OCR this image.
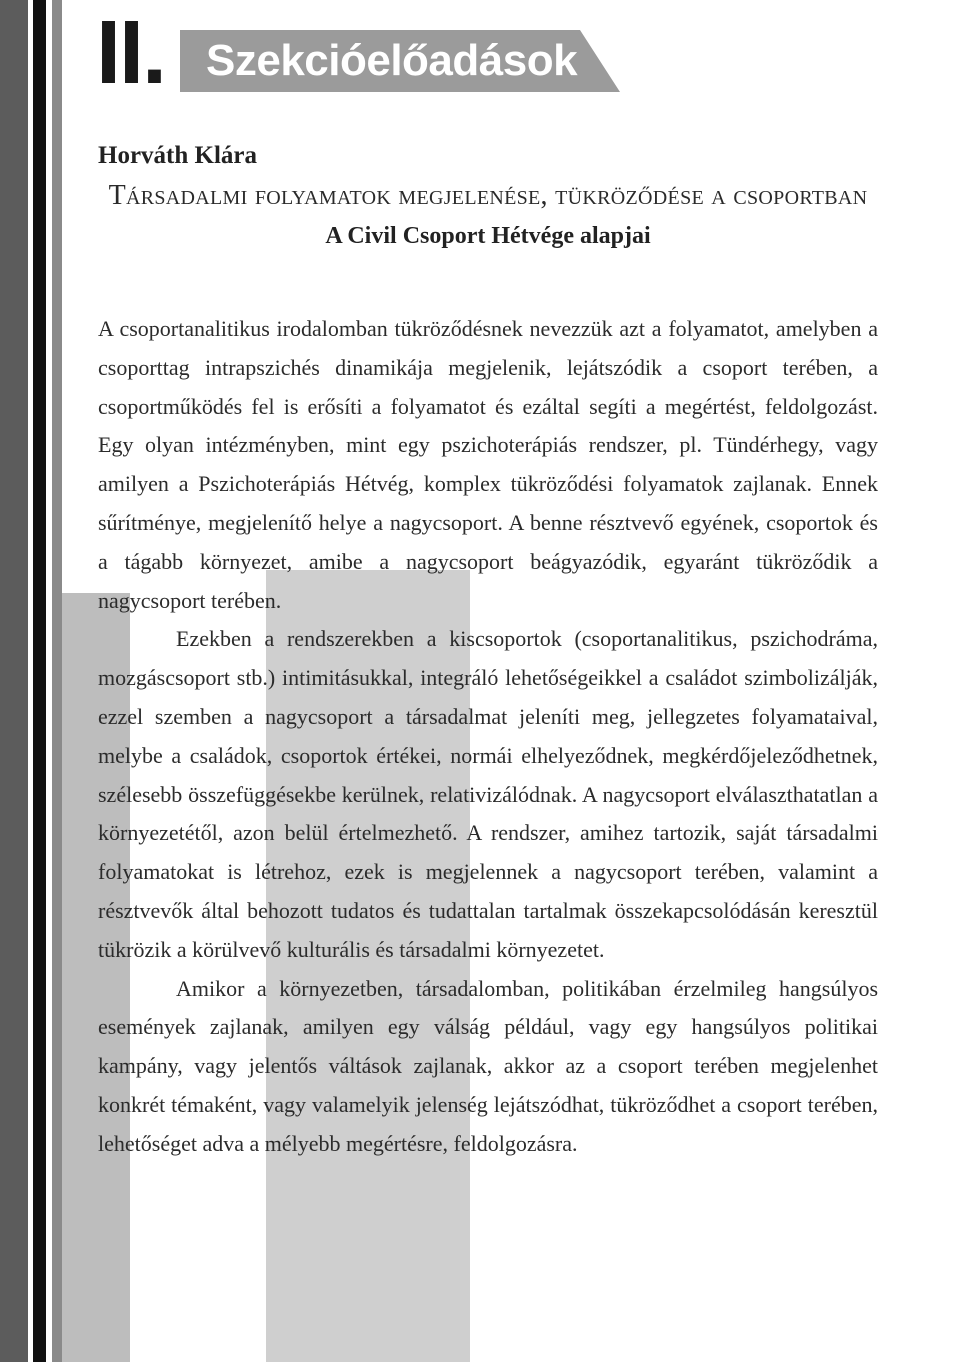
II. Szekcióelőadások

Horváth Klára

Társadalmi folyamatok megjelenése, tükröződése a csoportban

A Civil Csoport Hétvége alapjai

A csoportanalitikus irodalomban tükröződésnek nevezzük azt a folyamatot, amelyben a csoporttag intrapszichés dinamikája megjelenik, lejátszódik a csoport terében, a csoportműködés fel is erősíti a folyamatot és ezáltal segíti a megértést, feldolgozást. Egy olyan intézményben, mint egy pszichoterápiás rendszer, pl. Tündérhegy, vagy amilyen a Pszichoterápiás Hétvég, komplex tükröződési folyamatok zajlanak. Ennek sűrítménye, megjelenítő helye a nagycsoport. A benne résztvevő egyének, csoportok és a tágabb környezet, amibe a nagycsoport beágyazódik, egyaránt tükröződik a nagycsoport terében.

Ezekben a rendszerekben a kiscsoportok (csoportanalitikus, pszichodráma, mozgáscsoport stb.) intimitásukkal, integráló lehetőségeikkel a családot szimbolizálják, ezzel szemben a nagycsoport a társadalmat jeleníti meg, jellegzetes folyamataival, melybe a családok, csoportok értékei, normái elhelyeződnek, megkérdőjeleződhetnek, szélesebb összefüggésekbe kerülnek, relativizálódnak. A nagycsoport elválaszthatatlan a környezetétől, azon belül értelmezhető. A rendszer, amihez tartozik, saját társadalmi folyamatokat is létrehoz, ezek is megjelennek a nagycsoport terében, valamint a résztvevők által behozott tudatos és tudattalan tartalmak összekapcsolódásán keresztül tükrözik a körülvevő kulturális és társadalmi környezetet.

Amikor a környezetben, társadalomban, politikában érzelmileg hangsúlyos események zajlanak, amilyen egy válság például, vagy egy hangsúlyos politikai kampány, vagy jelentős váltások zajlanak, akkor az a csoport terében megjelenhet konkrét témaként, vagy valamelyik jelenség lejátszódhat, tükröződhet a csoport terében, lehetőséget adva a mélyebb megértésre, feldolgozásra.
